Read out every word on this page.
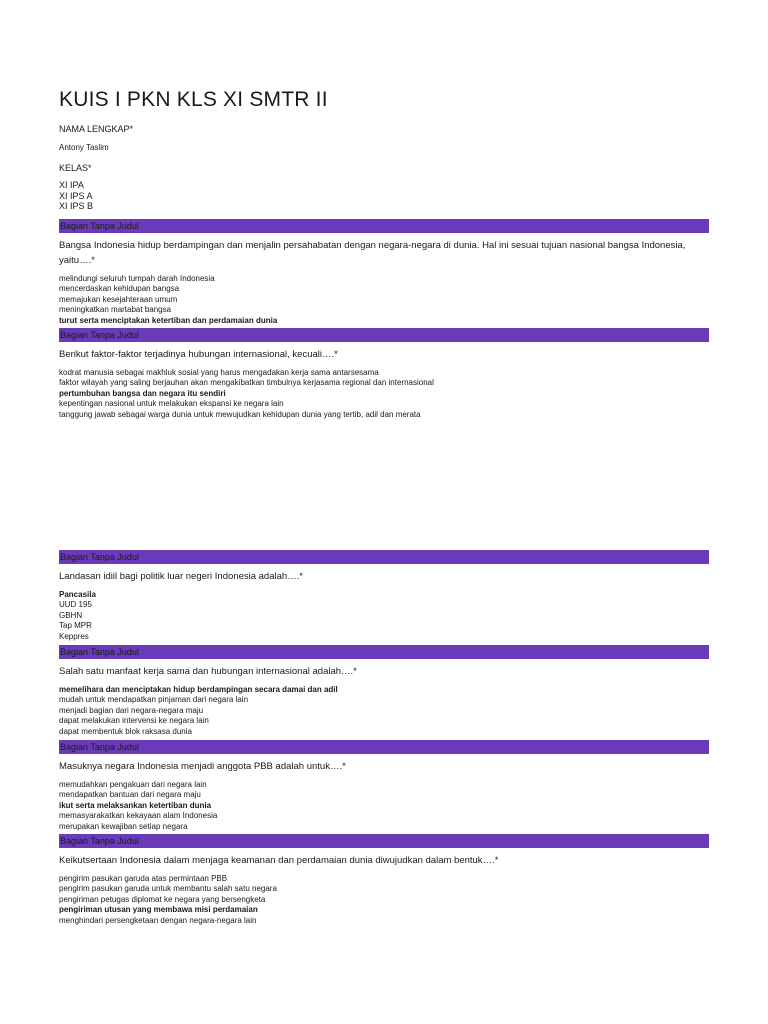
KUIS I PKN KLS XI SMTR II
NAMA LENGKAP*
Antony Taslim
KELAS*
XI IPA
XI IPS A
XI IPS B
Bagian Tanpa Judul
Bangsa Indonesia hidup berdampingan dan menjalin persahabatan dengan negara-negara di dunia. Hal ini sesuai tujuan nasional bangsa Indonesia, yaitu….*
melindungi seluruh tumpah darah Indonesia
mencerdaskan kehidupan bangsa
memajukan kesejahteraan umum
meningkatkan martabat bangsa
turut serta menciptakan ketertiban dan perdamaian dunia
Bagian Tanpa Judul
Berikut faktor-faktor terjadinya hubungan internasional, kecuali….*
kodrat manusia sebagai makhluk sosial yang harus mengadakan kerja sama antarsesama
faktor wilayah yang saling berjauhan akan mengakibatkan timbulnya kerjasama regional dan internasional
pertumbuhan bangsa dan negara itu sendiri
kepentingan nasional untuk melakukan ekspansi ke negara lain
tanggung jawab sebagai warga dunia untuk mewujudkan kehidupan dunia yang tertib, adil dan merata
Bagian Tanpa Judul
Landasan idiil bagi politik luar negeri Indonesia adalah….*
Pancasila
UUD 195
GBHN
Tap MPR
Keppres
Bagian Tanpa Judul
Salah satu manfaat kerja sama dan hubungan internasional adalah….*
memelihara dan menciptakan hidup berdampingan secara damai dan adil
mudah untuk mendapatkan pinjaman dari negara lain
menjadi bagian dari negara-negara maju
dapat melakukan intervensi ke negara lain
dapat membentuk blok raksasa dunia
Bagian Tanpa Judul
Masuknya negara Indonesia menjadi anggota PBB adalah untuk….*
memudahkan pengakuan dari negara lain
mendapatkan bantuan dari negara maju
ikut serta melaksankan ketertiban dunia
memasyarakatkan kekayaan alam Indonesia
merupakan kewajiban setiap negara
Bagian Tanpa Judul
Keikutsertaan Indonesia dalam menjaga keamanan dan perdamaian dunia diwujudkan dalam bentuk….*
pengirim pasukan garuda atas permintaan PBB
pengirim pasukan garuda untuk membantu salah satu negara
pengiriman petugas diplomat ke negara yang bersengketa
pengiriman utusan yang membawa misi perdamaian
menghindari persengketaan dengan negara-negara lain
